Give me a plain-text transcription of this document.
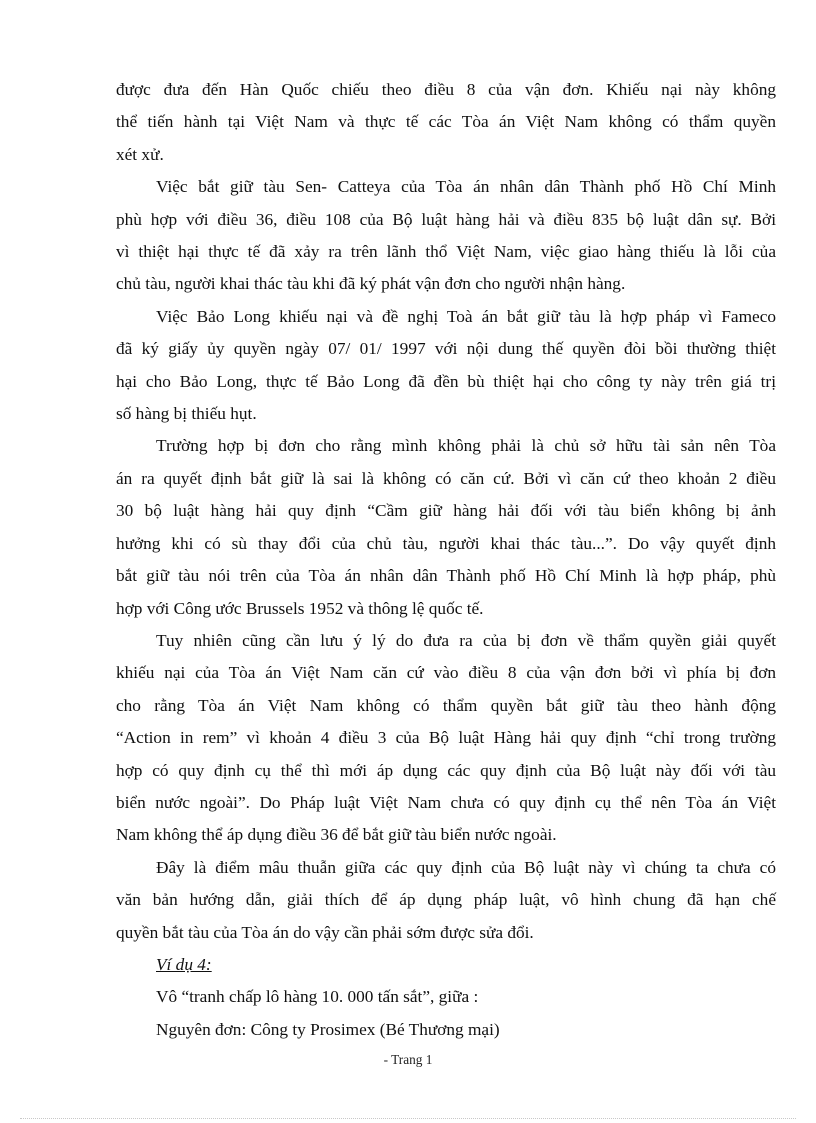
được đưa đến Hàn Quốc chiếu theo điều 8 của vận đơn. Khiếu nại này không
thể tiến hành tại Việt Nam và thực tế các Tòa án Việt Nam không có thẩm quyền
xét xử.
Việc bắt giữ tàu Sen- Catteya của Tòa án nhân dân Thành phố Hồ Chí Minh
phù hợp với điều 36, điều 108 của Bộ luật hàng hải và điều 835 bộ luật dân sự. Bởi
vì thiệt hại thực tế đã xảy ra trên lãnh thổ Việt Nam, việc giao hàng thiếu là lỗi của
chủ tàu, người khai thác tàu khi đã ký phát vận đơn cho người nhận hàng.
Việc Bảo Long khiếu nại và đề nghị Toà án bắt giữ tàu là hợp pháp vì Fameco
đã ký giấy ủy quyền ngày 07/ 01/ 1997 với nội dung thế quyền đòi bồi thường thiệt
hại cho Bảo Long, thực tế Bảo Long đã đền bù thiệt hại cho công ty này trên giá trị
số hàng bị thiếu hụt.
Trường hợp bị đơn cho rằng mình không phải là chủ sở hữu tài sản nên Tòa
án ra quyết định bắt giữ là sai là không có căn cứ. Bởi vì căn cứ theo khoản 2 điều
30 bộ luật hàng hải quy định “Cầm giữ hàng hải đối với tàu biển không bị ảnh
hưởng khi có sù thay đổi của chủ tàu, người khai thác tàu...”. Do vậy quyết định
bắt giữ tàu nói trên của Tòa án nhân dân Thành phố Hồ Chí Minh là hợp pháp, phù
hợp với Công ước Brussels 1952 và thông lệ quốc tế.
Tuy nhiên cũng cần lưu ý lý do đưa ra của bị đơn về thẩm quyền giải quyết
khiếu nại của Tòa án Việt Nam căn cứ vào điều 8 của vận đơn bởi vì phía bị đơn
cho rằng Tòa án Việt Nam không có thẩm quyền bắt giữ tàu theo hành động
“Action in rem” vì khoản 4 điều 3 của Bộ luật Hàng hải quy định “chỉ trong trường
hợp có quy định cụ thể thì mới áp dụng các quy định của Bộ luật này đối với tàu
biển nước ngoài”. Do Pháp luật Việt Nam chưa có quy định cụ thể nên Tòa án Việt
Nam không thể áp dụng điều 36 để bắt giữ tàu biển nước ngoài.
Đây là điểm mâu thuẫn giữa các quy định của Bộ luật này vì chúng ta chưa có
văn bản hướng dẫn, giải thích để áp dụng pháp luật, vô hình chung đã hạn chế
quyền bắt tàu của Tòa án do vậy cần phải sớm được sửa đổi.
Ví dụ 4:
Vô “tranh chấp lô hàng 10. 000 tấn sắt”, giữa :
Nguyên đơn: Công ty Prosimex (Bé Thương mại)
- Trang 1
